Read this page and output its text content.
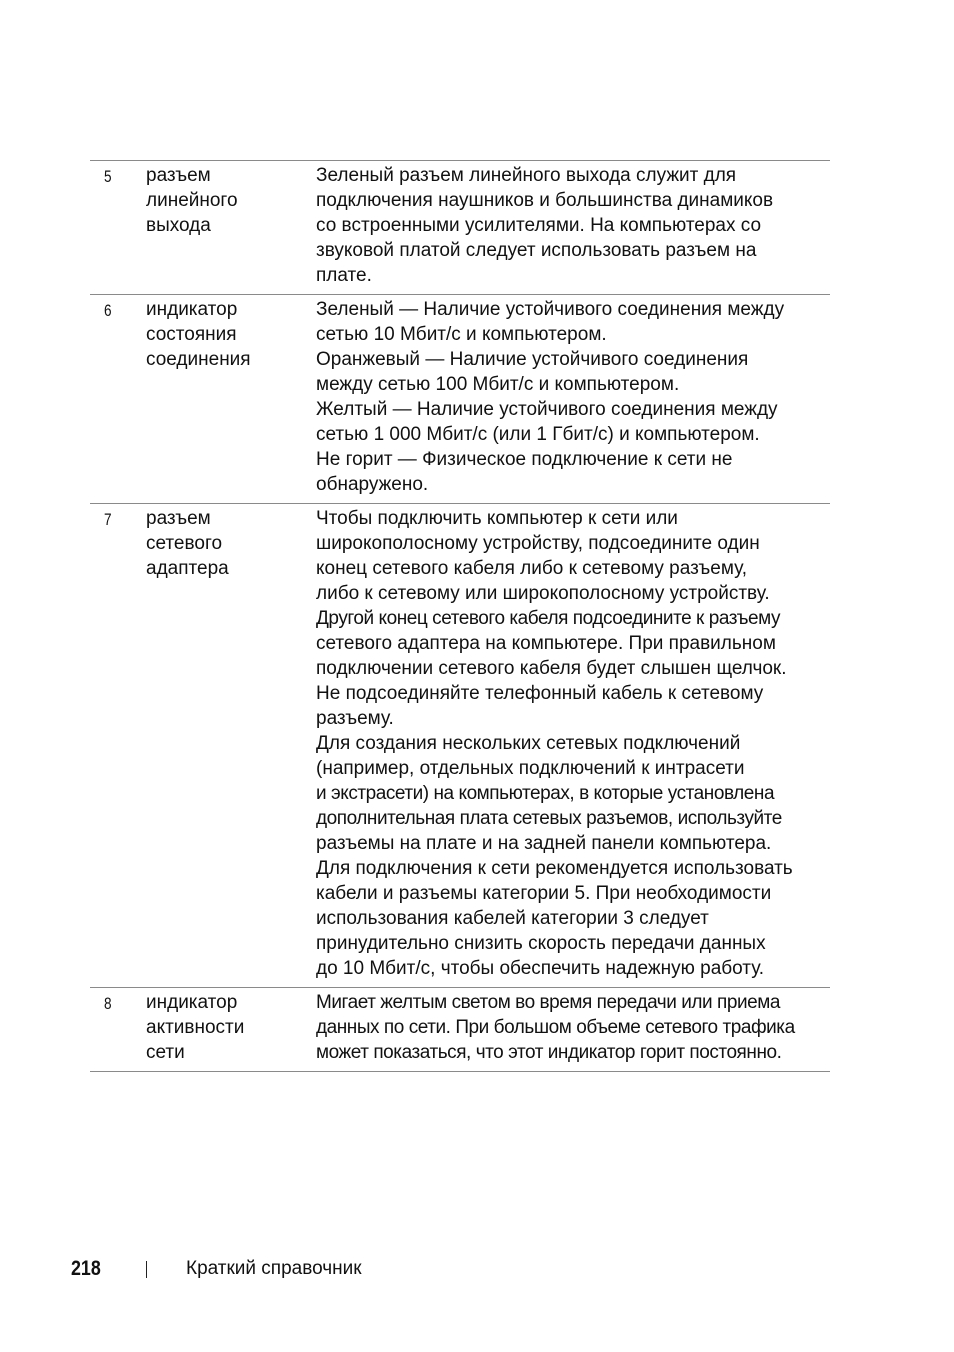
5 разъем
линейного
выхода
Зеленый разъем линейного выхода служит для
подключения наушников и большинства динамиков
со встроенными усилителями. На компьютерах со
звуковой платой следует использовать разъем на
плате.
6 индикатор
состояния
соединения
Зеленый — Наличие устойчивого соединения между
сетью 10 Мбит/с и компьютером.
Оранжевый — Наличие устойчивого соединения
между сетью 100 Мбит/с и компьютером.
Желтый — Наличие устойчивого соединения между
сетью 1 000 Мбит/с (или 1 Гбит/с) и компьютером.
Не горит — Физическое подключение к сети не
обнаружено.
7 разъем
сетевого
адаптера
Чтобы подключить компьютер к сети или
широкополосному устройству, подсоедините один
конец сетевого кабеля либо к сетевому разъему,
либо к сетевому или широкополосному устройству.
Другой конец сетевого кабеля подсоедините к разъему
сетевого адаптера на компьютере. При правильном
подключении сетевого кабеля будет слышен щелчок.
Не подсоединяйте телефонный кабель к сетевому
разъему.
Для создания нескольких сетевых подключений
(например, отдельных подключений к интрасети
и экстрасети) на компьютерах, в которые установлена
дополнительная плата сетевых разъемов, используйте
разъемы на плате и на задней панели компьютера.
Для подключения к сети рекомендуется использовать
кабели и разъемы категории 5. При необходимости
использования кабелей категории 3 следует
принудительно снизить скорость передачи данных
до 10 Мбит/с, чтобы обеспечить надежную работу.
8 индикатор
активности
сети
Мигает желтым светом во время передачи или приема
данных по сети. При большом объеме сетевого трафика
может показаться, что этот индикатор горит постоянно.
218	Краткий справочник
